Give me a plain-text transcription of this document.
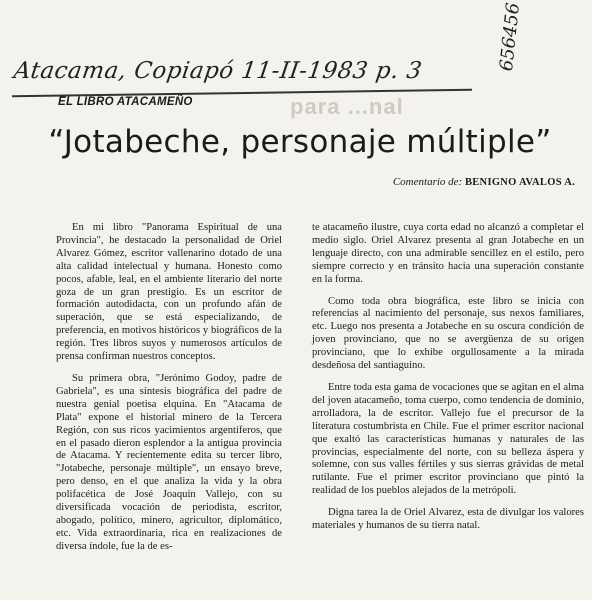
Atacama, Copiapó 11-II-1983 p. 3	656456
para ...nal
EL LIBRO ATACAMEÑO
“Jotabeche, personaje múltiple”
Comentario de: BENIGNO AVALOS A.

En mi libro "Panorama Espiritual de una Provincia", he destacado la personalidad de Oriel Alvarez Gómez, escritor vallenarino dotado de una alta calidad intelectual y humana. Honesto como pocos, afable, leal, en el ambiente literario del norte goza de un gran prestigio. Es un escritor de formación autodidacta, con un profundo afán de superación, que se está especializando, de preferencia, en motivos históricos y biográficos de la región. Tres libros suyos y numerosos artículos de prensa confirman nuestros conceptos.

Su primera obra, "Jerónimo Godoy, padre de Gabriela", es una síntesis biográfica del padre de nuestra genial poetisa elquina. En "Atacama de Plata" expone el historial minero de la Tercera Región, con sus ricos yacimientos argentíferos, que en el pasado dieron esplendor a la antigua provincia de Atacama. Y recientemente edita su tercer libro, "Jotabeche, personaje múltiple", un ensayo breve, pero denso, en el que analiza la vida y la obra polifacética de José Joaquín Vallejo, con su diversificada vocación de periodista, escritor, abogado, político, minero, agricultor, diplomático, etc. Vida extraordinaria, rica en realizaciones de diversa índole, fue la de es-

te atacameño ilustre, cuya corta edad no alcanzó a completar el medio siglo. Oriel Alvarez presenta al gran Jotabeche en un lenguaje directo, con una admirable sencillez en el estilo, pero siempre correcto y en tránsito hacia una superación constante en la forma.

Como toda obra biográfica, este libro se inicia con referencias al nacimiento del personaje, sus nexos familiares, etc. Luego nos presenta a Jotabeche en su oscura condición de joven provinciano, que no se avergüenza de su origen provinciano, que lo exhibe orgullosamente a la mirada desdeñosa del santiaguino.

Entre toda esta gama de vocaciones que se agitan en el alma del joven atacameño, toma cuerpo, como tendencia de dominio, arrolladora, la de escritor. Vallejo fue el precursor de la literatura costumbrista en Chile. Fue el primer escritor nacional que exaltó las características humanas y naturales de las provincias, especialmente del norte, con su belleza áspera y solemne, con sus valles fértiles y sus sierras grávidas de metal rutilante. Fue el primer escritor provinciano que pintó la realidad de los pueblos alejados de la metrópoli.

Digna tarea la de Oriel Alvarez, esta de divulgar los valores materiales y humanos de su tierra natal.
